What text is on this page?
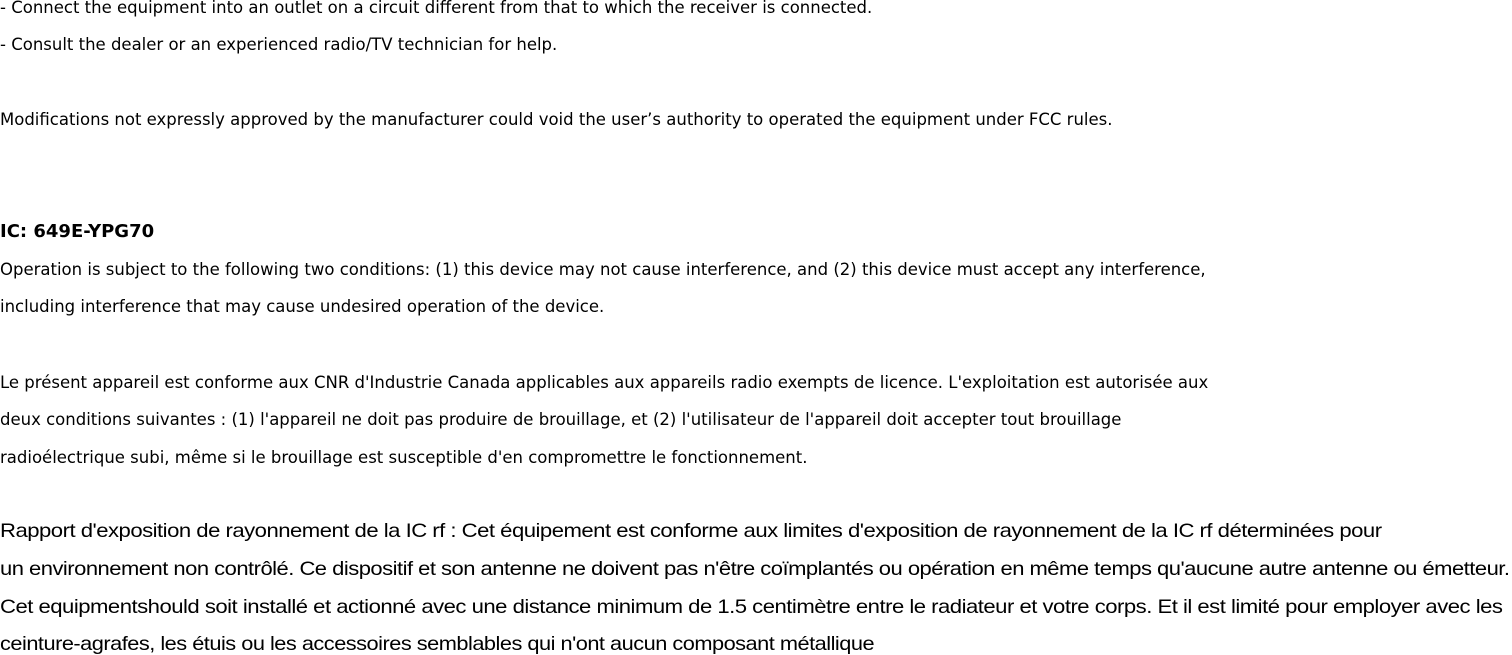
- Connect the equipment into an outlet on a circuit different from that to which the receiver is connected.
- Consult the dealer or an experienced radio/TV technician for help.
Modifications not expressly approved by the manufacturer could void the user’s authority to operated the equipment under FCC rules.
IC: 649E-YPG70
Operation is subject to the following two conditions: (1) this device may not cause interference, and (2) this device must accept any interference,
including interference that may cause undesired operation of the device.
Le présent appareil est conforme aux CNR d'Industrie Canada applicables aux appareils radio exempts de licence. L'exploitation est autorisée aux
deux conditions suivantes : (1) l'appareil ne doit pas produire de brouillage, et (2) l'utilisateur de l'appareil doit accepter tout brouillage
radioélectrique subi, même si le brouillage est susceptible d'en compromettre le fonctionnement.
Rapport d'exposition de rayonnement de la IC rf : Cet équipement est conforme aux limites d'exposition de rayonnement de la IC rf déterminées pour
un environnement non contrôlé. Ce dispositif et son antenne ne doivent pas n'être coïmplantés ou opération en même temps qu'aucune autre antenne ou émetteur.
Cet equipmentshould soit installé et actionné avec une distance minimum de 1.5 centimètre entre le radiateur et votre corps. Et il est limité pour employer avec les
ceinture-agrafes, les étuis ou les accessoires semblables qui n'ont aucun composant métallique
